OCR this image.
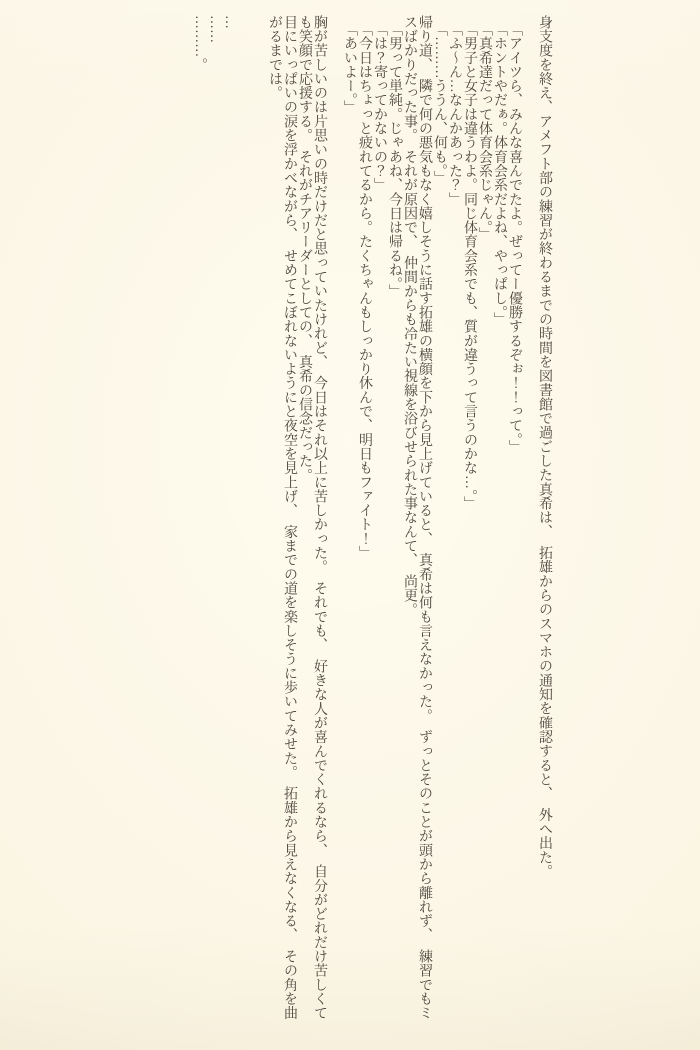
身支度を終え、アメフト部の練習が終わるまでの時間を図書館で過ごした真希は、　拓雄からのスマホの通知を確認すると、　外へ出た。

　「アイツら、みんな喜んでたよ。ぜってー優勝するぞぉ！！って。」

　「ホントやだぁ。体育会系だよね、やっぱし。」

　「真希達だって体育会系じゃん。」

　「男子と女子は違うわよ。同じ体育会系でも、質が違うって言うのかな…。」

　「ふ～ん…なんかあった？」

　「………ううん、何も。」

帰り道、　隣で何の悪気もなく嬉しそうに話す拓雄の横顔を下から見上げていると、　真希は何も言えなかった。　ずっとそのことが頭から離れず、　練習でもミスばかりだった事。　それが原因で、　仲間からも冷たい視線を浴びせられた事なんて、　尚更。

　「男って単純。じゃあね、今日は帰るね。」

　「は？寄ってかないの？」

　「今日はちょっと疲れてるから。たくちゃんもしっかり休んで、明日もファイト！」

　「あいよー。」

胸が苦しいのは片思いの時だけだと思っていたけれど、　今日はそれ以上に苦しかった。　それでも、　好きな人が喜んでくれるなら、　自分がどれだけ苦しくても笑顔で応援する。　それがチアリーダーとしての、　真希の信念だった。

目にいっぱいの涙を浮かべながら、　せめてこぼれないようにと夜空を見上げ、　家までの道を楽しそうに歩いてみせた。　拓雄から見えなくなる、　その角を曲がるまでは。

…

……

………。
